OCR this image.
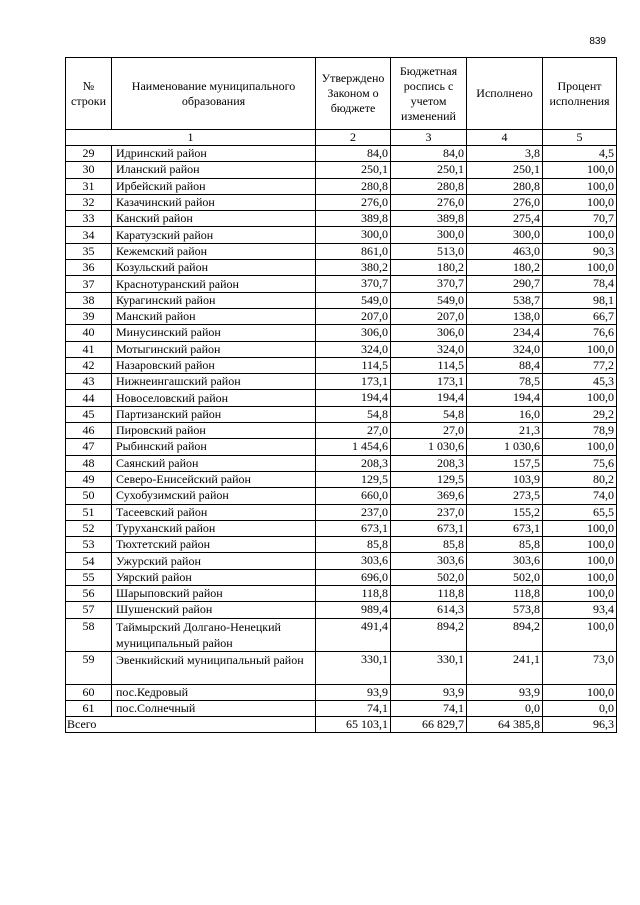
839
№ строки	Наименование муниципального образования	Утверждено Законом о бюджете	Бюджетная роспись с учетом изменений	Исполнено	Процент исполнения
1		2	3	4	5
29	Идринский район	84,0	84,0	3,8	4,5
30	Иланский район	250,1	250,1	250,1	100,0
31	Ирбейский район	280,8	280,8	280,8	100,0
32	Казачинский район	276,0	276,0	276,0	100,0
33	Канский район	389,8	389,8	275,4	70,7
34	Каратузский район	300,0	300,0	300,0	100,0
35	Кежемский район	861,0	513,0	463,0	90,3
36	Козульский район	380,2	180,2	180,2	100,0
37	Краснотуранский район	370,7	370,7	290,7	78,4
38	Курагинский район	549,0	549,0	538,7	98,1
39	Манский район	207,0	207,0	138,0	66,7
40	Минусинский район	306,0	306,0	234,4	76,6
41	Мотыгинский район	324,0	324,0	324,0	100,0
42	Назаровский район	114,5	114,5	88,4	77,2
43	Нижнеингашский район	173,1	173,1	78,5	45,3
44	Новоселовский район	194,4	194,4	194,4	100,0
45	Партизанский район	54,8	54,8	16,0	29,2
46	Пировский район	27,0	27,0	21,3	78,9
47	Рыбинский район	1 454,6	1 030,6	1 030,6	100,0
48	Саянский район	208,3	208,3	157,5	75,6
49	Северо-Енисейский район	129,5	129,5	103,9	80,2
50	Сухобузимский район	660,0	369,6	273,5	74,0
51	Тасеевский район	237,0	237,0	155,2	65,5
52	Туруханский район	673,1	673,1	673,1	100,0
53	Тюхтетский район	85,8	85,8	85,8	100,0
54	Ужурский район	303,6	303,6	303,6	100,0
55	Уярский район	696,0	502,0	502,0	100,0
56	Шарыповский район	118,8	118,8	118,8	100,0
57	Шушенский район	989,4	614,3	573,8	93,4
58	Таймырский Долгано-Ненецкий муниципальный район	491,4	894,2	894,2	100,0
59	Эвенкийский муниципальный район	330,1	330,1	241,1	73,0
60	пос.Кедровый	93,9	93,9	93,9	100,0
61	пос.Солнечный	74,1	74,1	0,0	0,0
Всего		65 103,1	66 829,7	64 385,8	96,3
